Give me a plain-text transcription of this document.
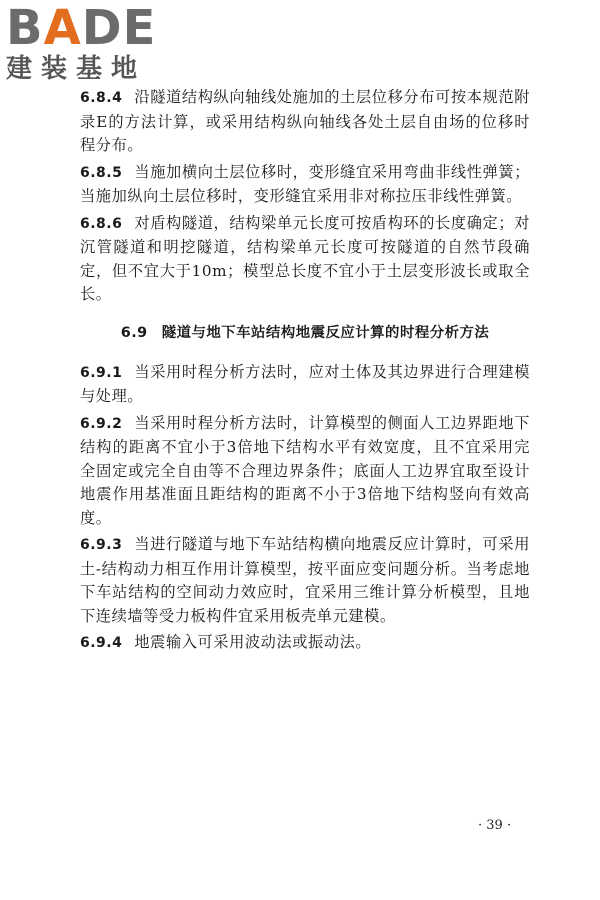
BADE
建装基地

6.8.4 沿隧道结构纵向轴线处施加的土层位移分布可按本规范附录E的方法计算，或采用结构纵向轴线各处土层自由场的位移时程分布。

6.8.5 当施加横向土层位移时，变形缝宜采用弯曲非线性弹簧；当施加纵向土层位移时，变形缝宜采用非对称拉压非线性弹簧。

6.8.6 对盾构隧道，结构梁单元长度可按盾构环的长度确定；对沉管隧道和明挖隧道，结构梁单元长度可按隧道的自然节段确定，但不宜大于10m；模型总长度不宜小于土层变形波长或取全长。

6.9 隧道与地下车站结构地震反应计算的时程分析方法

6.9.1 当采用时程分析方法时，应对土体及其边界进行合理建模与处理。

6.9.2 当采用时程分析方法时，计算模型的侧面人工边界距地下结构的距离不宜小于3倍地下结构水平有效宽度，且不宜采用完全固定或完全自由等不合理边界条件；底面人工边界宜取至设计地震作用基准面且距结构的距离不小于3倍地下结构竖向有效高度。

6.9.3 当进行隧道与地下车站结构横向地震反应计算时，可采用土-结构动力相互作用计算模型，按平面应变问题分析。当考虑地下车站结构的空间动力效应时，宜采用三维计算分析模型，且地下连续墙等受力板构件宜采用板壳单元建模。

6.9.4 地震输入可采用波动法或振动法。

· 39 ·
